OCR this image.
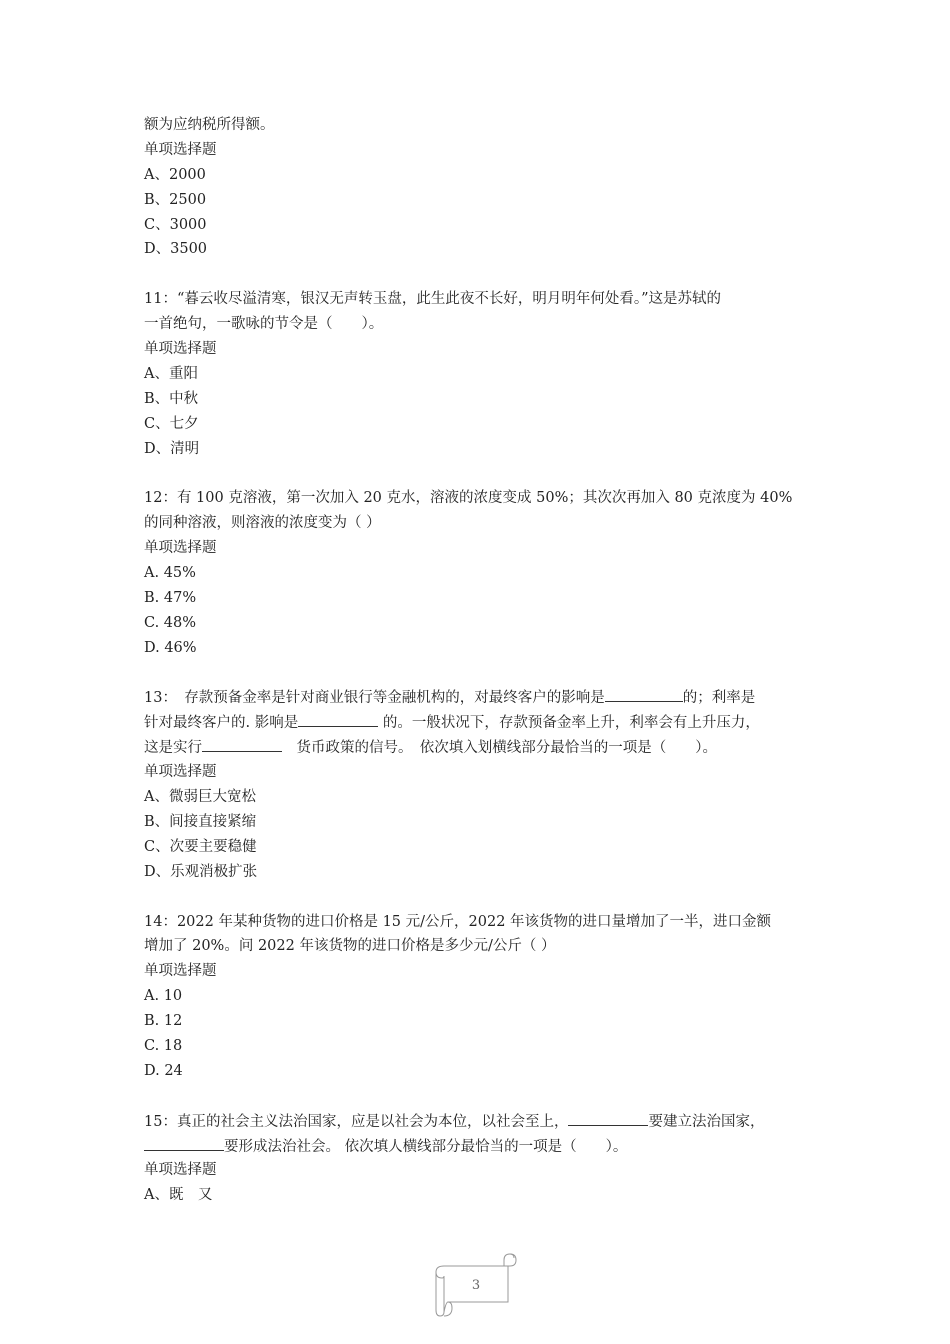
额为应纳税所得额。
单项选择题
A、2000
B、2500
C、3000
D、3500
11：“暮云收尽溢清寒，银汉无声转玉盘，此生此夜不长好，明月明年何处看。”这是苏轼的
一首绝句，一歌咏的节令是（　　）。
单项选择题
A、重阳
B、中秋
C、七夕
D、清明
12：有 100 克溶液，第一次加入 20 克水，溶液的浓度变成 50%；其次次再加入 80 克浓度为 40%
的同种溶液，则溶液的浓度变为（ ）
单项选择题
A. 45%
B. 47%
C. 48%
D. 46%
13：　存款预备金率是针对商业银行等金融机构的，对最终客户的影响是	的；利率是
针对最终客户的. 影响是	的。一般状况下，存款预备金率上升，利率会有上升压力，
这是实行	　货币政策的信号。　依次填入划横线部分最恰当的一项是（　　）。
单项选择题
A、微弱巨大宽松
B、间接直接紧缩
C、次要主要稳健
D、乐观消极扩张
14：2022 年某种货物的进口价格是 15 元/公斤，2022 年该货物的进口量增加了一半，进口金额
增加了 20%。问 2022 年该货物的进口价格是多少元/公斤（ ）
单项选择题
A. 10
B. 12
C. 18
D. 24
15：真正的社会主义法治国家，应是以社会为本位，以社会至上，	要建立法治国家，
要形成法治社会。 依次填人横线部分最恰当的一项是（　　）。
单项选择题
A、既　又
3
